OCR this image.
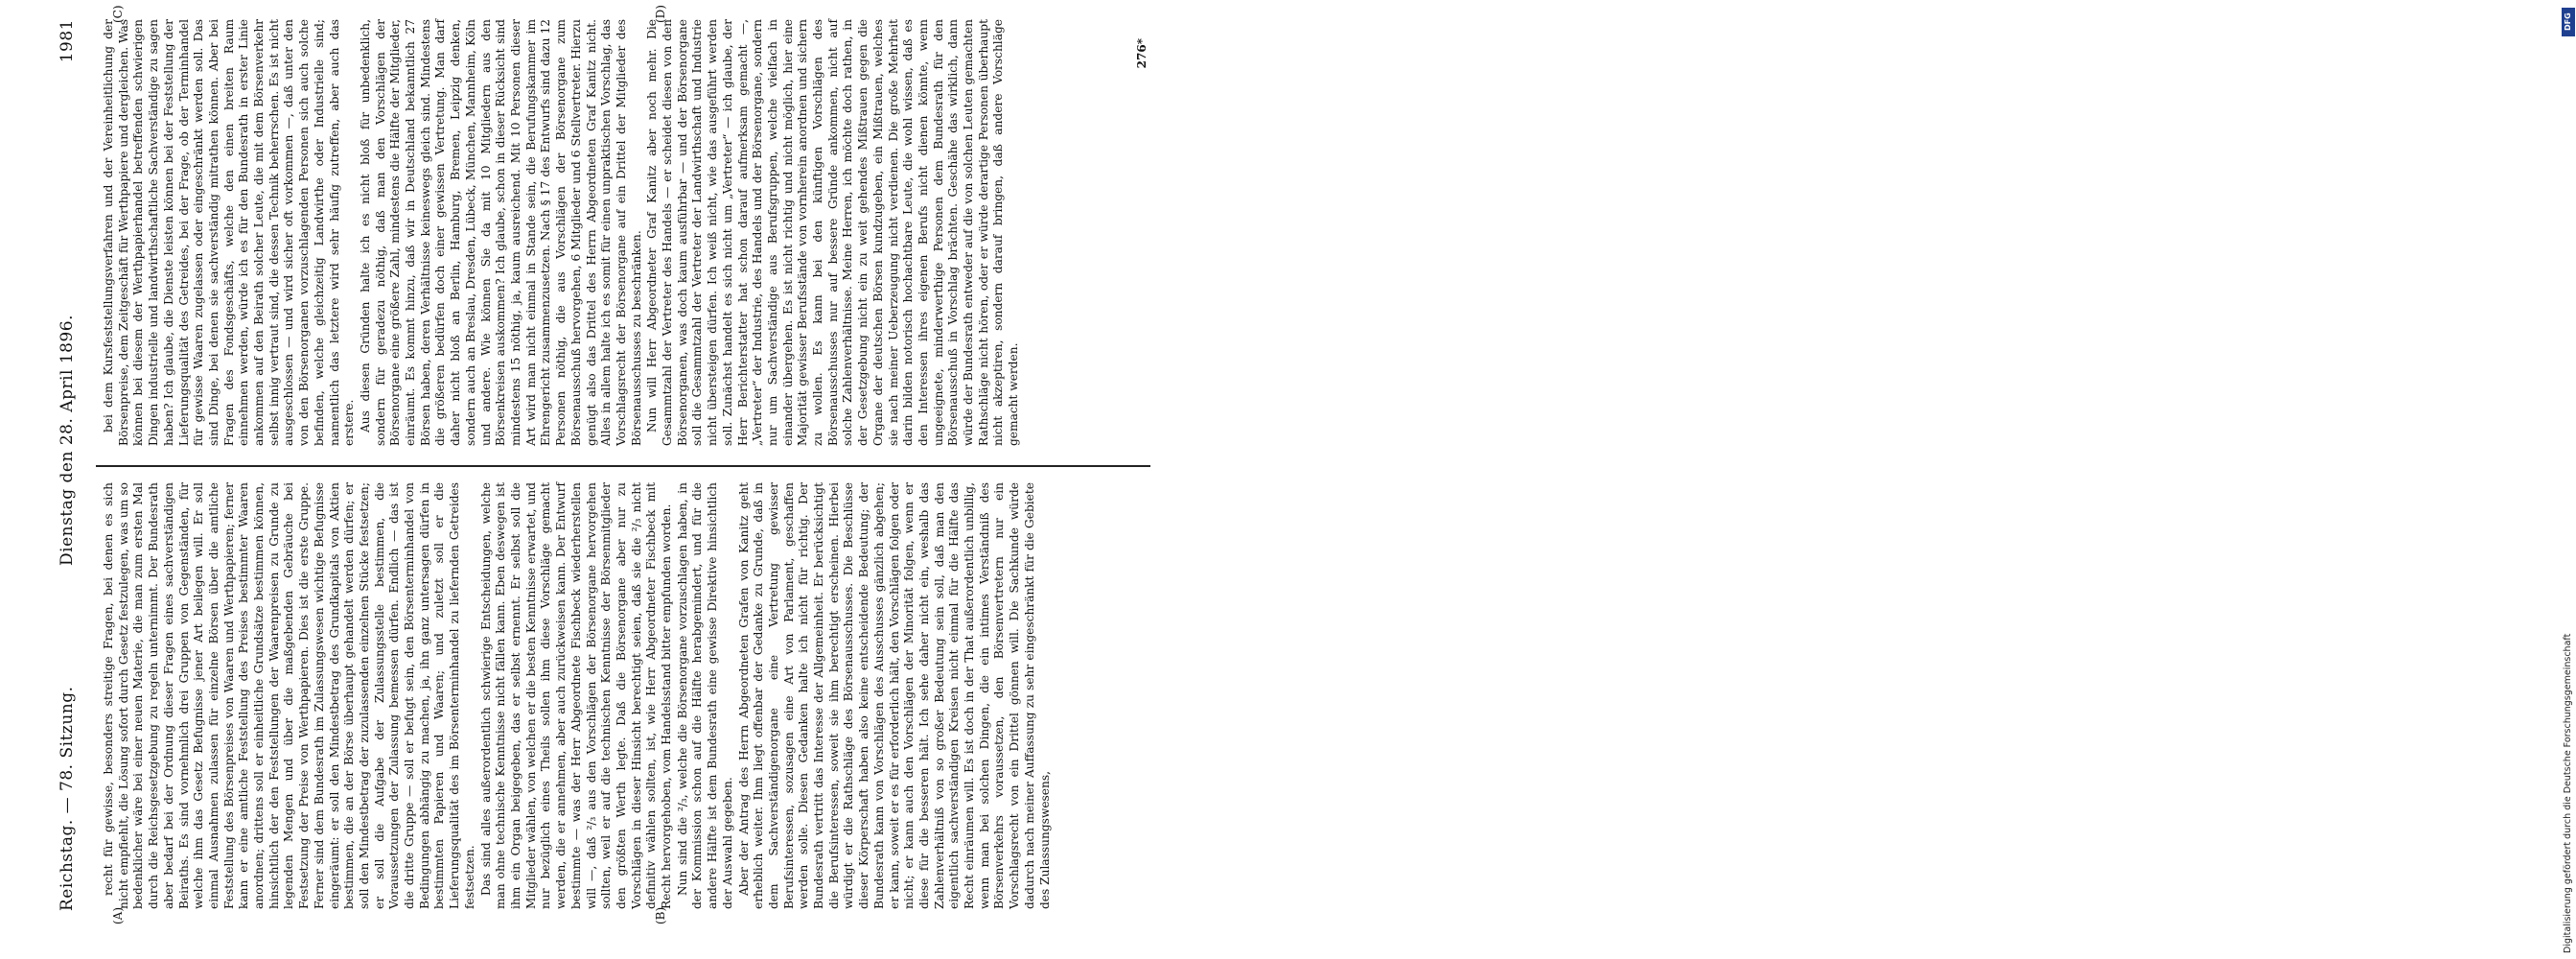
Reichstag. — 78. Sitzung.
Dienstag den 28. April 1896.
1981
(A)	(B)
(C)	(D)

recht für gewisse, besonders streitige Fragen, bei denen es sich nicht empfiehlt, die Lösung sofort durch Gesetz festzulegen, was um so bedenklicher wäre bei einer neuen Materie, die man zum ersten Mal durch die Reichsgesetzgebung zu regeln unternimmt. Der Bundesrath aber bedarf bei der Ordnung dieser Fragen eines sachverständigen Beiraths. Es sind vornehmlich drei Gruppen von Gegenständen, für welche ihm das Gesetz Befugnisse jener Art beilegen will. Er soll einmal Ausnahmen zulassen für einzelne Börsen über die amtliche Feststellung des Börsenpreises von Waaren und Werthpapieren; ferner kann er eine amtliche Feststellung des Preises bestimmter Waaren anordnen; drittens soll er einheitliche Grundsätze bestimmen können, hinsichtlich der den Feststellungen der Waarenpreisen zu Grunde zu legenden Mengen und über die maßgebenden Gebräuche bei Festsetzung der Preise von Werthpapieren. Dies ist die erste Gruppe. Ferner sind dem Bundesrath im Zulassungswesen wichtige Befugnisse eingeräumt: er soll den Mindestbetrag des Grundkapitals von Aktien bestimmen, die an der Börse überhaupt gehandelt werden dürfen; er soll den Mindestbetrag der zuzulassenden einzelnen Stücke festsetzen; er soll die Aufgabe der Zulassungsstelle bestimmen, die Voraussetzungen der Zulassung bemessen dürfen. Endlich — das ist die dritte Gruppe — soll er befugt sein, den Börsenterminhandel von Bedingungen abhängig zu machen, ja, ihn ganz untersagen dürfen in bestimmten Papieren und Waaren; und zuletzt soll er die Lieferungsqualität des im Börsenterminhandel zu liefernden Getreides festsetzen. Das sind alles außerordentlich schwierige Entscheidungen, welche man ohne technische Kenntnisse nicht fällen kann. Eben deswegen ist ihm ein Organ beigegeben, das er selbst ernennt. Er selbst soll die Mitglieder wählen, von welchen er die besten Kenntnisse erwartet, und nur bezüglich eines Theils sollen ihm diese Vorschläge gemacht werden, die er annehmen, aber auch zurückweisen kann. Der Entwurf bestimmte — was der Herr Abgeordnete Fischbeck wiederherstellen will —, daß ²/₃ aus den Vorschlägen der Börsenorgane hervorgehen sollten, weil er auf die technischen Kenntnisse der Börsenmitglieder den größten Werth legte. Daß die Börsenorgane aber nur zu Vorschlägen in dieser Hinsicht berechtigt seien, daß sie die ²/₃ nicht definitiv wählen sollten, ist, wie Herr Abgeordneter Fischbeck mit Recht hervorgehoben, vom Handelsstand bitter empfunden worden. Nun sind die ²/₃, welche die Börsenorgane vorzuschlagen haben, in der Kommission schon auf die Hälfte herabgemindert, und für die andere Hälfte ist dem Bundesrath eine gewisse Direktive hinsichtlich der Auswahl gegeben. Aber der Antrag des Herrn Abgeordneten Grafen von Kanitz geht erheblich weiter. Ihm liegt offenbar der Gedanke zu Grunde, daß in dem Sachverständigenorgane eine Vertretung gewisser Berufsinteressen, sozusagen eine Art von Parlament, geschaffen werden solle. Diesen Gedanken halte ich nicht für richtig. Der Bundesrath vertritt das Interesse der Allgemeinheit. Er berücksichtigt die Berufsinteressen, soweit sie ihm berechtigt erscheinen. Hierbei würdigt er die Rathschläge des Börsenausschusses. Die Beschlüsse dieser Körperschaft haben also keine entscheidende Bedeutung; der Bundesrath kann von Vorschlägen des Ausschusses gänzlich abgehen; er kann, soweit er es für erforderlich hält, den Vorschlägen folgen oder nicht; er kann auch den Vorschlägen der Minorität folgen, wenn er diese für die besseren hält. Ich sehe daher nicht ein, weshalb das Zahlenverhältniß von so großer Bedeutung sein soll, daß man den eigentlich sachverständigen Kreisen nicht einmal für die Hälfte das Recht einräumen will. Es ist doch in der That außerordentlich unbillig, wenn man bei solchen Dingen, die ein intimes Verständniß des Börsenverkehrs voraussetzen, den Börsenvertretern nur ein Vorschlagsrecht von ein Drittel gönnen will. Die Sachkunde würde dadurch nach meiner Auffassung zu sehr eingeschränkt für die Gebiete des Zulassungswesens,

bei dem Kursfeststellungsverfahren und der Vereinheitlichung der Börsenpreise, dem Zeitgeschäft für Werthpapiere und dergleichen. Was können bei diesem der Werthpapierhandel betreffenden schwierigen Dingen industrielle und landwirthschaftliche Sachverständige zu sagen haben? Ich glaube, die Dienste leisten können bei der Feststellung der Lieferungsqualität des Getreides, bei der Frage, ob der Terminhandel für gewisse Waaren zugelassen oder eingeschränkt werden soll. Das sind Dinge, bei denen sie sachverständig mitrathen können. Aber bei Fragen des Fondsgeschäfts, welche den einen breiten Raum einnehmen werden, würde ich es für den Bundesrath in erster Linie ankommen auf den Beirath solcher Leute, die mit dem Börsenverkehr selbst innig vertraut sind, die dessen Technik beherrschen. Es ist nicht ausgeschlossen — und wird sicher oft vorkommen —, daß unter den von den Börsenorganen vorzuschlagenden Personen sich auch solche befinden, welche gleichzeitig Landwirthe oder Industrielle sind; namentlich das letztere wird sehr häufig zutreffen, aber auch das erstere. Aus diesen Gründen halte ich es nicht bloß für unbedenklich, sondern für geradezu nöthig, daß man den Vorschlägen der Börsenorgane eine größere Zahl, mindestens die Hälfte der Mitglieder, einräumt. Es kommt hinzu, daß wir in Deutschland bekanntlich 27 Börsen haben, deren Verhältnisse keineswegs gleich sind. Mindestens die größeren bedürfen doch einer gewissen Vertretung. Man darf daher nicht bloß an Berlin, Hamburg, Bremen, Leipzig denken, sondern auch an Breslau, Dresden, Lübeck, München, Mannheim, Köln und andere. Wie können Sie da mit 10 Mitgliedern aus den Börsenkreisen auskommen? Ich glaube, schon in dieser Rücksicht sind mindestens 15 nöthig, ja, kaum ausreichend. Mit 10 Personen dieser Art wird man nicht einmal in Stande sein, die Berufungskammer im Ehrengericht zusammenzusetzen. Nach § 17 des Entwurfs sind dazu 12 Personen nöthig, die aus Vorschlägen der Börsenorgane zum Börsenausschuß hervorgehen, 6 Mitglieder und 6 Stellvertreter. Hierzu genügt also das Drittel des Herrn Abgeordneten Graf Kanitz nicht. Alles in allem halte ich es somit für einen unpraktischen Vorschlag, das Vorschlagsrecht der Börsenorgane auf ein Drittel der Mitglieder des Börsenausschusses zu beschränken. Nun will Herr Abgeordneter Graf Kanitz aber noch mehr. Die Gesammtzahl der Vertreter des Handels — er scheidet diesen von den Börsenorganen, was doch kaum ausführbar — und der Börsenorgane soll die Gesammtzahl der Vertreter der Landwirthschaft und Industrie nicht übersteigen dürfen. Ich weiß nicht, wie das ausgeführt werden soll. Zunächst handelt es sich nicht um „Vertreter“ — ich glaube, der Herr Berichterstatter hat schon darauf aufmerksam gemacht —, „Vertreter“ der Industrie, des Handels und der Börsenorgane, sondern nur um Sachverständige aus Berufsgruppen, welche vielfach in einander übergehen. Es ist nicht richtig und nicht möglich, hier eine Majorität gewisser Berufsstände von vornherein anordnen und sichern zu wollen. Es kann bei den künftigen Vorschlägen des Börsenausschusses nur auf bessere Gründe ankommen, nicht auf solche Zahlenverhältnisse. Meine Herren, ich möchte doch rathen, in der Gesetzgebung nicht ein zu weit gehendes Mißtrauen gegen die Organe der deutschen Börsen kundzugeben, ein Mißtrauen, welches sie nach meiner Ueberzeugung nicht verdienen. Die große Mehrheit darin bilden notorisch hochachtbare Leute, die wohl wissen, daß es den Interessen ihres eigenen Berufs nicht dienen könnte, wenn ungeeignete, minderwerthige Personen dem Bundesrath für den Börsenausschuß in Vorschlag brächten. Geschähe das wirklich, dann würde der Bundesrath entweder auf die von solchen Leuten gemachten Rathschläge nicht hören, oder er würde derartige Personen überhaupt nicht akzeptiren, sondern darauf bringen, daß andere Vorschläge gemacht werden.

276*
DFG
Digitalisierung gefördert durch die Deutsche Forschungsgemeinschaft
